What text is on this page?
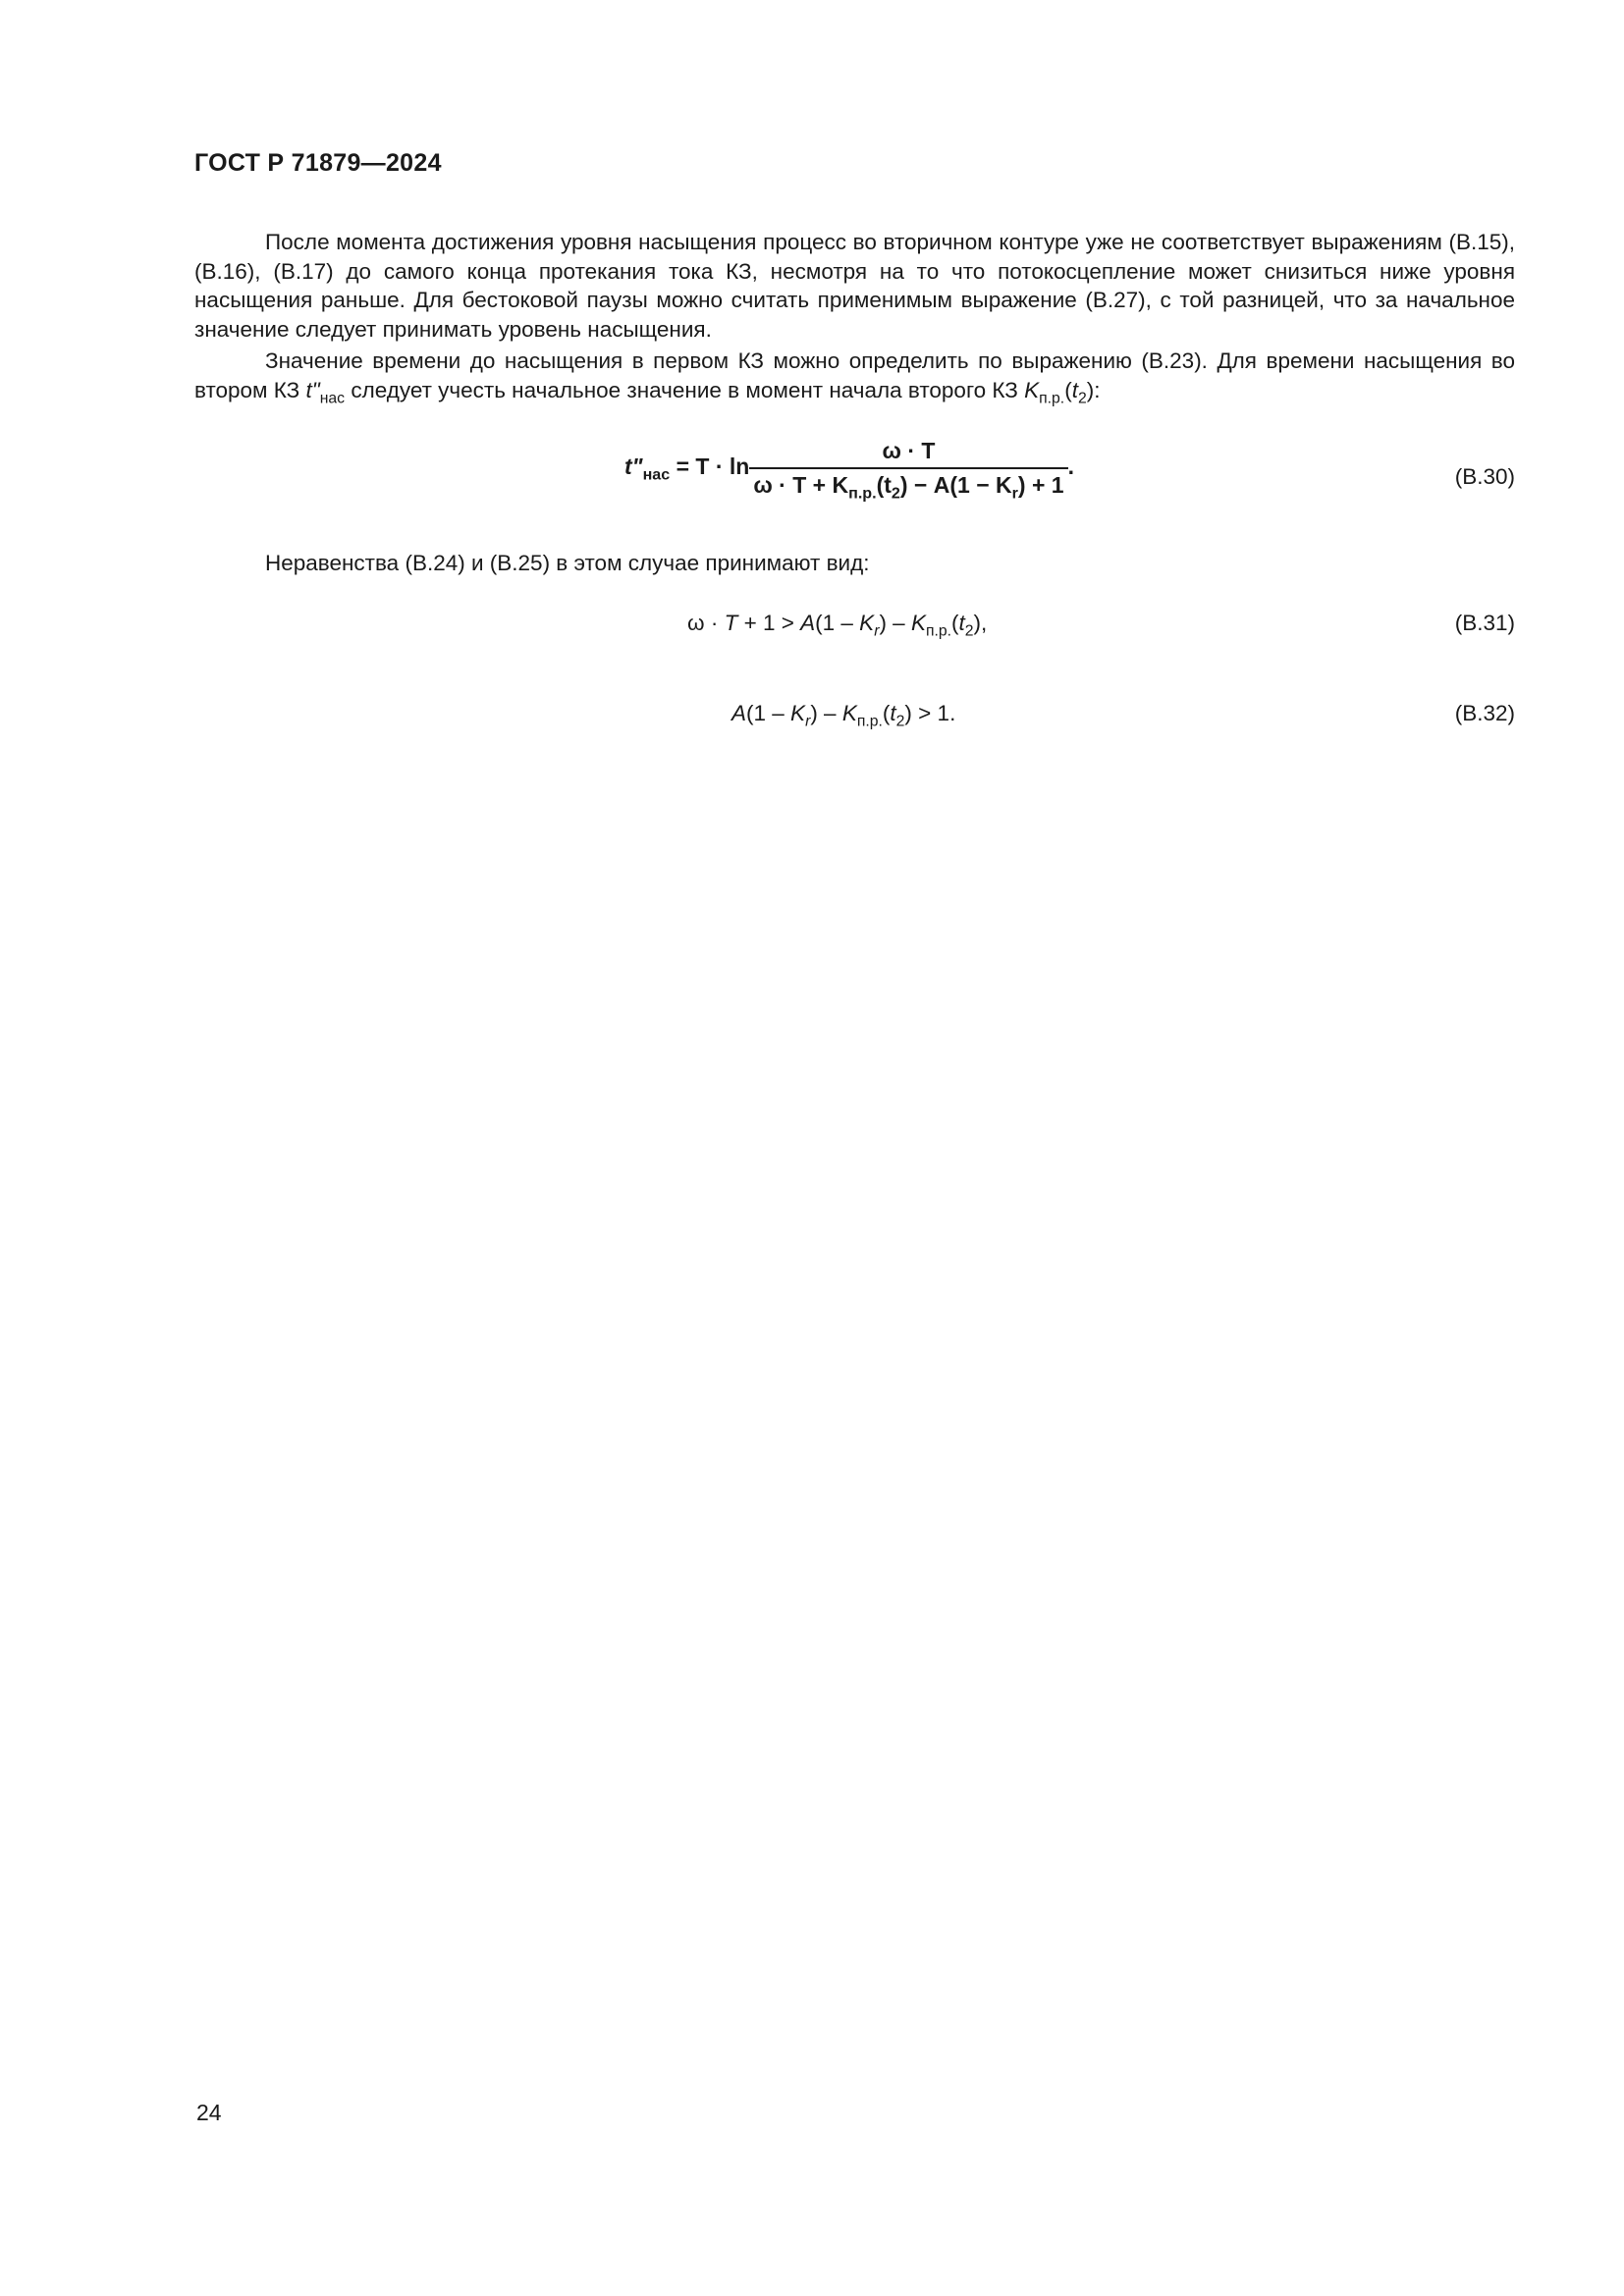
ГОСТ Р 71879—2024

После момента достижения уровня насыщения процесс во вторичном контуре уже не соответствует выражениям (В.15), (В.16), (В.17) до самого конца протекания тока КЗ, несмотря на то что потокосцепление может снизиться ниже уровня насыщения раньше. Для бестоковой паузы можно считать применимым выражение (В.27), с той разницей, что за начальное значение следует принимать уровень насыщения.

Значение времени до насыщения в первом КЗ можно определить по выражению (В.23). Для времени насыщения во втором КЗ $t"_{нас}$ следует учесть начальное значение в момент начала второго КЗ $K_{п.р.}(t_2)$:

$t"_{нас} = T \cdot \ln \frac{\omega \cdot T}{\omega \cdot T + K_{п.р.}(t_2) - A(1 - K_r) + 1}$ .	(В.30)

Неравенства (В.24) и (В.25) в этом случае принимают вид:

$\omega \cdot T + 1 > A(1 - K_r) - K_{п.р.}(t_2)$,	(В.31)
$A(1 - K_r) - K_{п.р.}(t_2) > 1$.	(В.32)
24
